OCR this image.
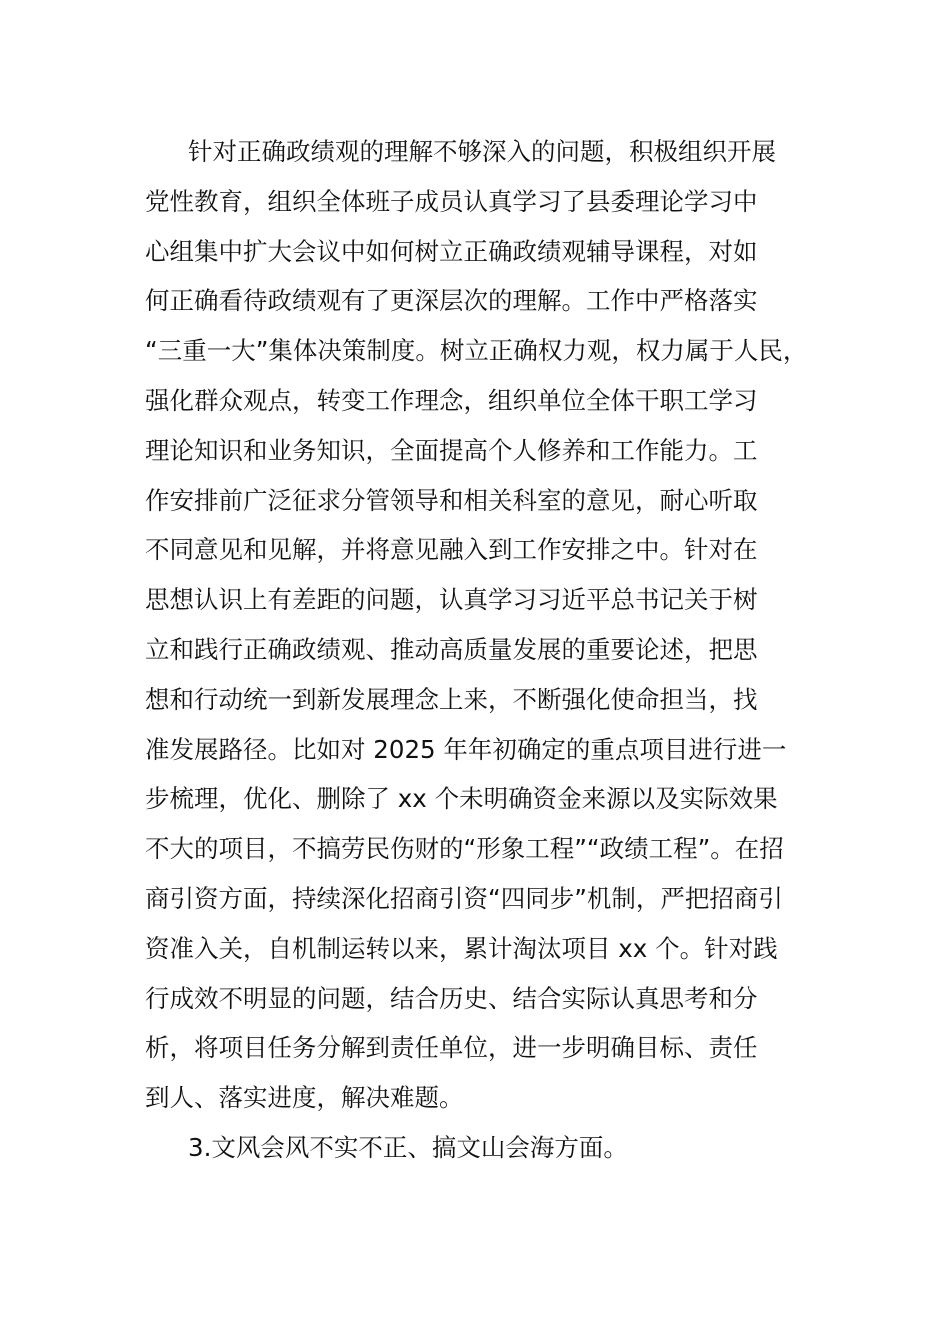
针对正确政绩观的理解不够深入的问题，积极组织开展
党性教育，组织全体班子成员认真学习了县委理论学习中
心组集中扩大会议中如何树立正确政绩观辅导课程，对如
何正确看待政绩观有了更深层次的理解。工作中严格落实
“三重一大”集体决策制度。树立正确权力观，权力属于人民，
强化群众观点，转变工作理念，组织单位全体干职工学习
理论知识和业务知识，全面提高个人修养和工作能力。工
作安排前广泛征求分管领导和相关科室的意见，耐心听取
不同意见和见解，并将意见融入到工作安排之中。针对在
思想认识上有差距的问题，认真学习习近平总书记关于树
立和践行正确政绩观、推动高质量发展的重要论述，把思
想和行动统一到新发展理念上来，不断强化使命担当，找
准发展路径。比如对 2025 年年初确定的重点项目进行进一
步梳理，优化、删除了 xx 个未明确资金来源以及实际效果
不大的项目，不搞劳民伤财的“形象工程”“政绩工程”。在招
商引资方面，持续深化招商引资“四同步”机制，严把招商引
资准入关，自机制运转以来，累计淘汰项目 xx 个。针对践
行成效不明显的问题，结合历史、结合实际认真思考和分
析，将项目任务分解到责任单位，进一步明确目标、责任
到人、落实进度，解决难题。
3.文风会风不实不正、搞文山会海方面。
